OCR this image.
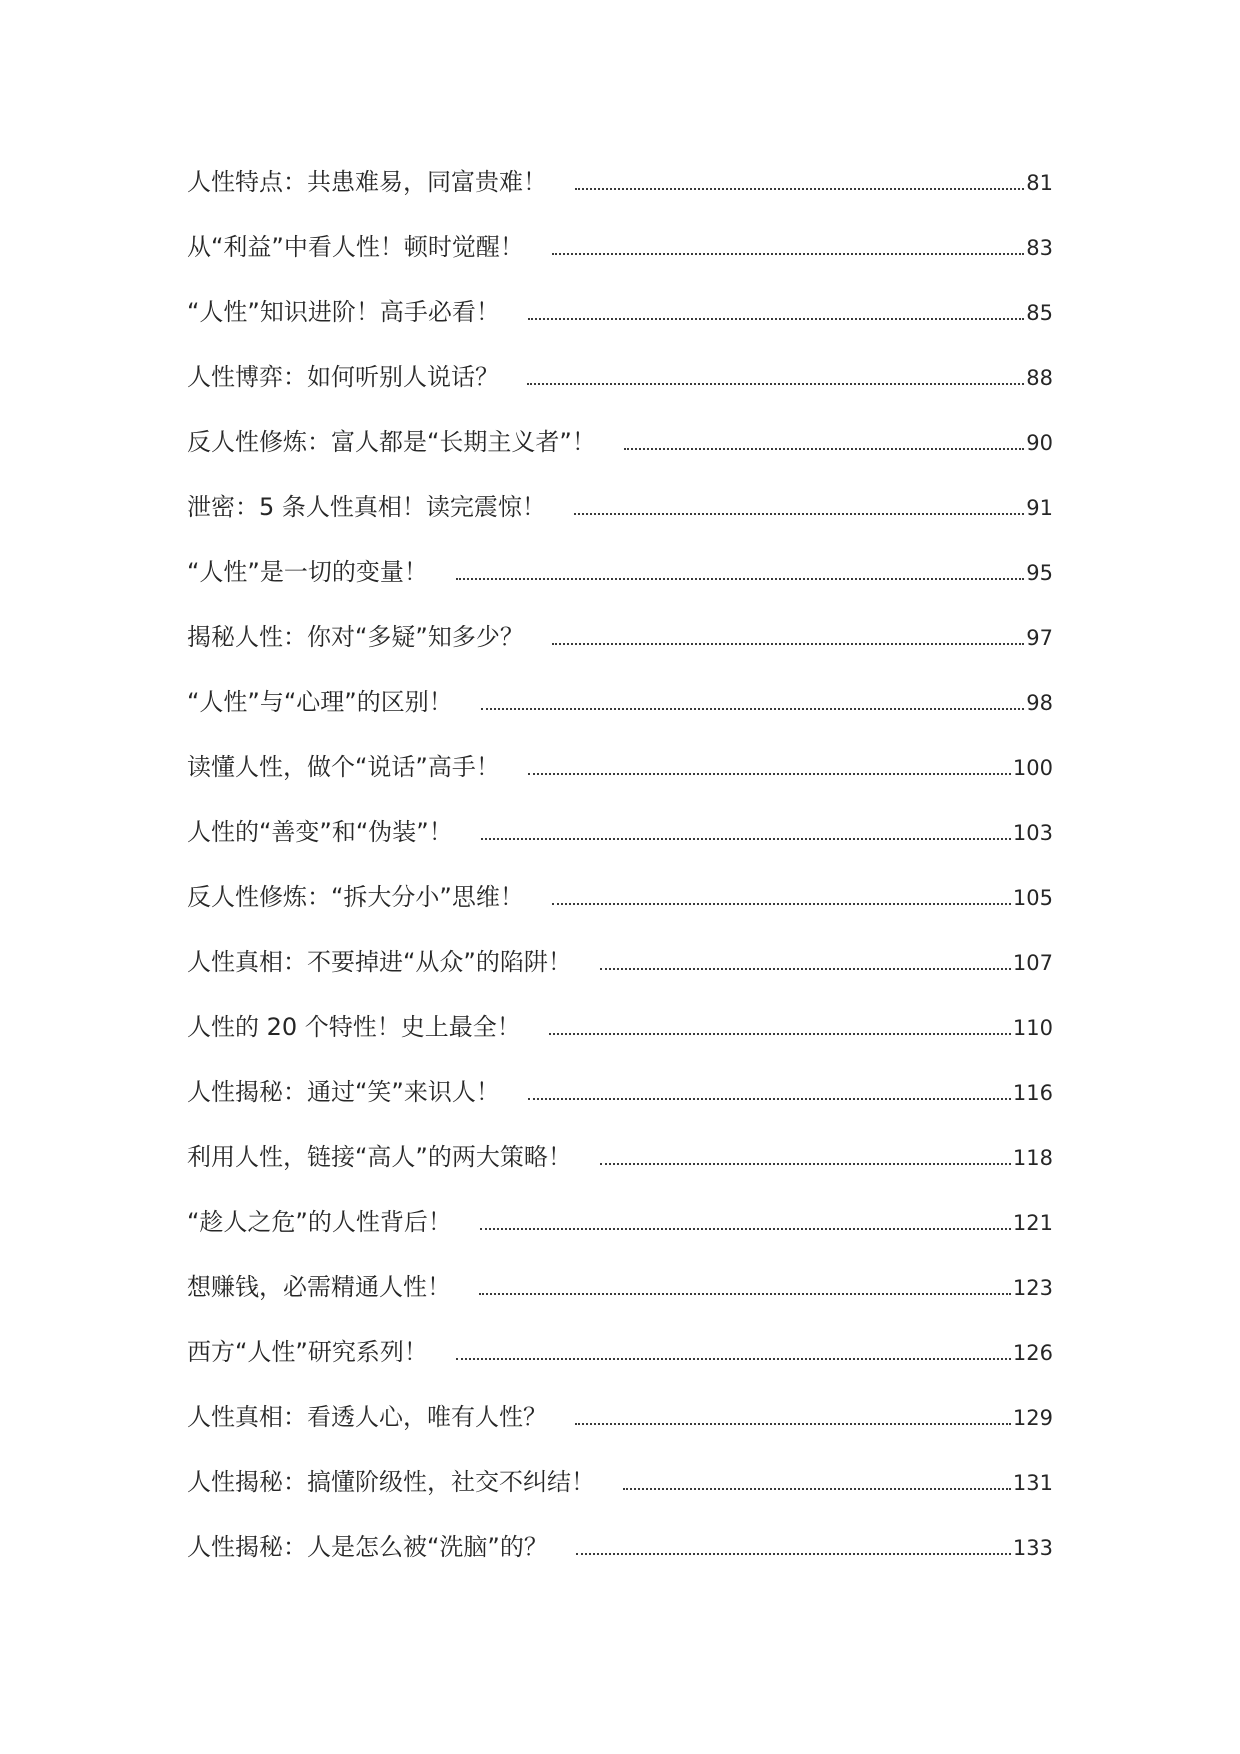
人性特点：共患难易，同富贵难！	81
从“利益”中看人性！顿时觉醒！	83
“人性”知识进阶！高手必看！	85
人性博弈：如何听别人说话？	88
反人性修炼：富人都是“长期主义者”！	90
泄密：5 条人性真相！读完震惊！	91
“人性”是一切的变量！	95
揭秘人性：你对“多疑”知多少？	97
“人性”与“心理”的区别！	98
读懂人性，做个“说话”高手！	100
人性的“善变”和“伪装”！	103
反人性修炼：“拆大分小”思维！	105
人性真相：不要掉进“从众”的陷阱！	107
人性的 20 个特性！史上最全！	110
人性揭秘：通过“笑”来识人！	116
利用人性，链接“高人”的两大策略！	118
“趁人之危”的人性背后！	121
想赚钱，必需精通人性！	123
西方“人性”研究系列！	126
人性真相：看透人心，唯有人性？	129
人性揭秘：搞懂阶级性，社交不纠结！	131
人性揭秘：人是怎么被“洗脑”的？	133
